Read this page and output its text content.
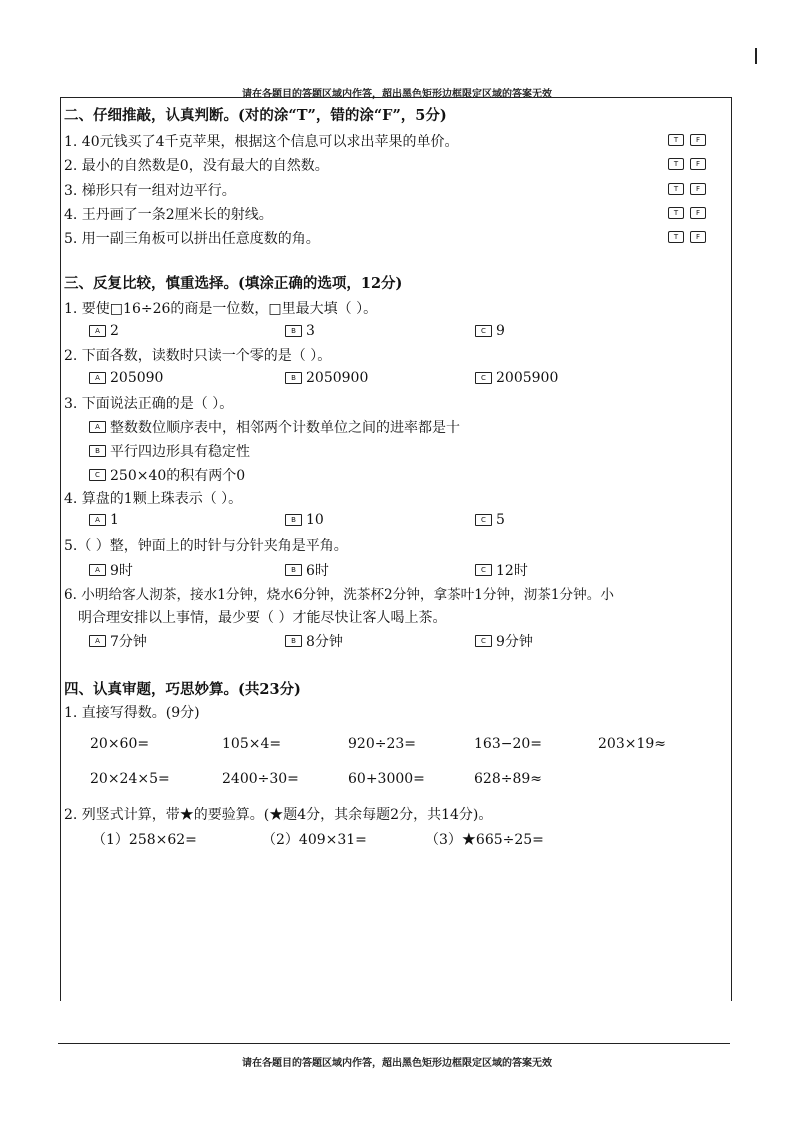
请在各题目的答题区域内作答，超出黑色矩形边框限定区域的答案无效
二、仔细推敲，认真判断。(对的涂“T”，错的涂“F”，5分)
1. 40元钱买了4千克苹果，根据这个信息可以求出苹果的单价。	T	F
2. 最小的自然数是0，没有最大的自然数。	T	F
3. 梯形只有一组对边平行。	T	F
4. 王丹画了一条2厘米长的射线。	T	F
5. 用一副三角板可以拼出任意度数的角。	T	F
三、反复比较，慎重选择。(填涂正确的选项，12分)
1. 要使□16÷26的商是一位数，□里最大填（ ）。
A 2	B 3	C 9
2. 下面各数，读数时只读一个零的是（ ）。
A 205090	B 2050900	C 2005900
3. 下面说法正确的是（ ）。
A 整数数位顺序表中，相邻两个计数单位之间的进率都是十
B 平行四边形具有稳定性
C 250×40的积有两个0
4. 算盘的1颗上珠表示（ ）。
A 1	B 10	C 5
5.（ ）整，钟面上的时针与分针夹角是平角。
A 9时	B 6时	C 12时
6. 小明给客人沏茶，接水1分钟，烧水6分钟，洗茶杯2分钟，拿茶叶1分钟，沏茶1分钟。小
明合理安排以上事情，最少要（ ）才能尽快让客人喝上茶。
A 7分钟	B 8分钟	C 9分钟
四、认真审题，巧思妙算。(共23分)
1. 直接写得数。(9分)
20×60=	105×4=	920÷23=	163−20=	203×19≈
20×24×5=	2400÷30=	60+3000=	628÷89≈
2. 列竖式计算，带★的要验算。(★题4分，其余每题2分，共14分)。
（1）258×62=	（2）409×31=	（3）★665÷25=
请在各题目的答题区域内作答，超出黑色矩形边框限定区域的答案无效
